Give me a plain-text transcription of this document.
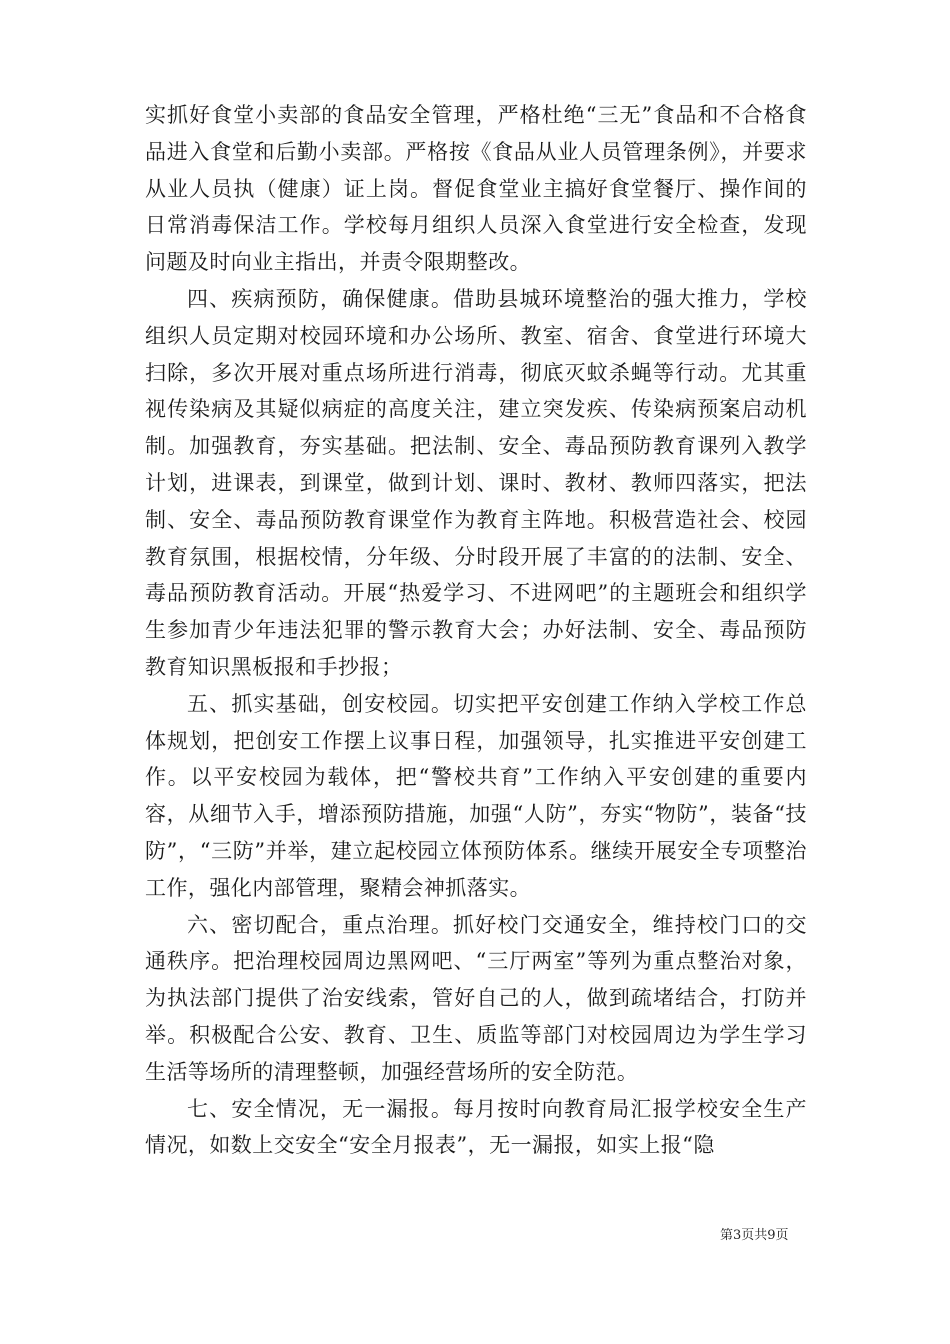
实抓好食堂小卖部的食品安全管理，严格杜绝“三无”食品和不合格食品进入食堂和后勤小卖部。严格按《食品从业人员管理条例》，并要求从业人员执（健康）证上岗。督促食堂业主搞好食堂餐厅、操作间的日常消毒保洁工作。学校每月组织人员深入食堂进行安全检查，发现问题及时向业主指出，并责令限期整改。

四、疾病预防，确保健康。借助县城环境整治的强大推力，学校组织人员定期对校园环境和办公场所、教室、宿舍、食堂进行环境大扫除，多次开展对重点场所进行消毒，彻底灭蚊杀蝇等行动。尤其重视传染病及其疑似病症的高度关注，建立突发疾、传染病预案启动机制。加强教育，夯实基础。把法制、安全、毒品预防教育课列入教学计划，进课表，到课堂，做到计划、课时、教材、教师四落实，把法制、安全、毒品预防教育课堂作为教育主阵地。积极营造社会、校园教育氛围，根据校情，分年级、分时段开展了丰富的的法制、安全、毒品预防教育活动。开展“热爱学习、不进网吧”的主题班会和组织学生参加青少年违法犯罪的警示教育大会；办好法制、安全、毒品预防教育知识黑板报和手抄报；

五、抓实基础，创安校园。切实把平安创建工作纳入学校工作总体规划，把创安工作摆上议事日程，加强领导，扎实推进平安创建工作。以平安校园为载体，把“警校共育”工作纳入平安创建的重要内容，从细节入手，增添预防措施，加强“人防”，夯实“物防”，装备“技防”，“三防”并举，建立起校园立体预防体系。继续开展安全专项整治工作，强化内部管理，聚精会神抓落实。

六、密切配合，重点治理。抓好校门交通安全，维持校门口的交通秩序。把治理校园周边黑网吧、“三厅两室”等列为重点整治对象，为执法部门提供了治安线索，管好自己的人，做到疏堵结合，打防并举。积极配合公安、教育、卫生、质监等部门对校园周边为学生学习生活等场所的清理整顿，加强经营场所的安全防范。

七、安全情况，无一漏报。每月按时向教育局汇报学校安全生产情况，如数上交安全“安全月报表”，无一漏报，如实上报“隐

第3页共9页
